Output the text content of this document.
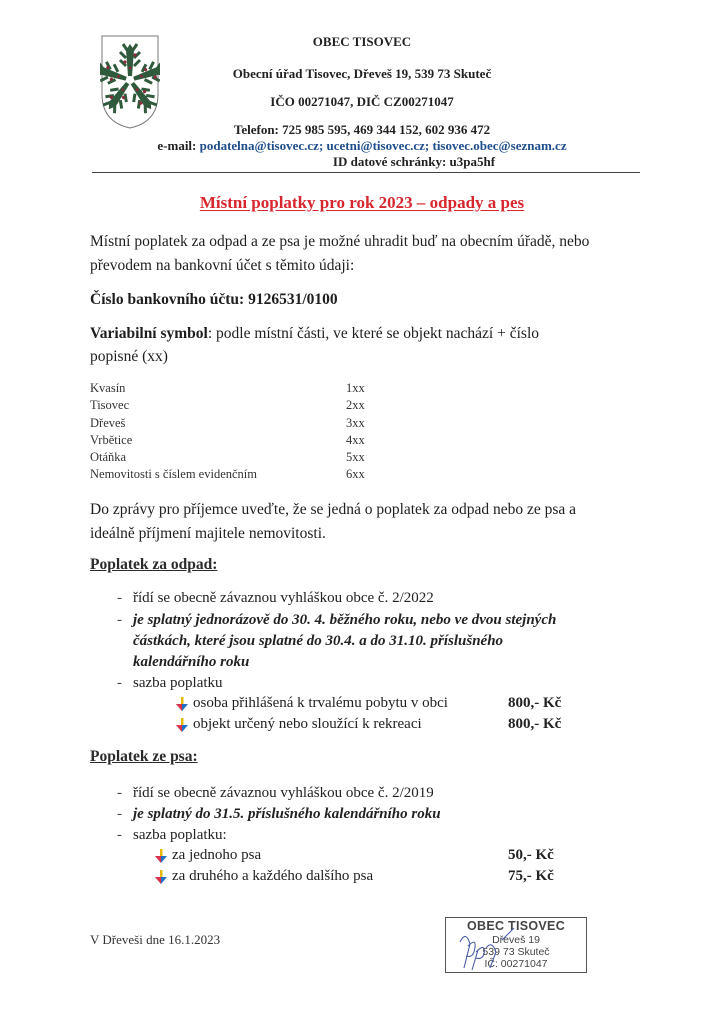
OBEC TISOVEC
Obecní úřad Tisovec, Dřeveš 19, 539 73 Skuteč
IČO 00271047, DIČ CZ00271047
Telefon: 725 985 595, 469 344 152, 602 936 472
e-mail: podatelna@tisovec.cz; ucetni@tisovec.cz; tisovec.obec@seznam.cz
ID datové schránky: u3pa5hf
Místní poplatky pro rok 2023 – odpady a pes
Místní poplatek za odpad a ze psa je možné uhradit buď na obecním úřadě, nebo
převodem na bankovní účet s těmito údaji:
Číslo bankovního účtu: 9126531/0100
Variabilní symbol: podle místní části, ve které se objekt nachází + číslo
popisné (xx)
Kvasín	1xx
Tisovec	2xx
Dřeveš	3xx
Vrbětice	4xx
Otáňka	5xx
Nemovitosti s číslem evidenčním	6xx
Do zprávy pro příjemce uveďte, že se jedná o poplatek za odpad nebo ze psa a
ideálně příjmení majitele nemovitosti.
Poplatek za odpad:
- řídí se obecně závaznou vyhláškou obce č. 2/2022
- je splatný jednorázově do 30. 4. běžného roku, nebo ve dvou stejných
částkách, které jsou splatné do 30.4. a do 31.10. příslušného
kalendářního roku
- sazba poplatku
osoba přihlášená k trvalému pobytu v obci	800,- Kč
objekt určený nebo sloužící k rekreaci	800,- Kč
Poplatek ze psa:
- řídí se obecně závaznou vyhláškou obce č. 2/2019
- je splatný do 31.5. příslušného kalendářního roku
- sazba poplatku:
za jednoho psa	50,- Kč
za druhého a každého dalšího psa	75,- Kč
V Dřeveši dne 16.1.2023
OBEC TISOVEC
Dřeveš 19
539 73 Skuteč
IČ: 00271047
